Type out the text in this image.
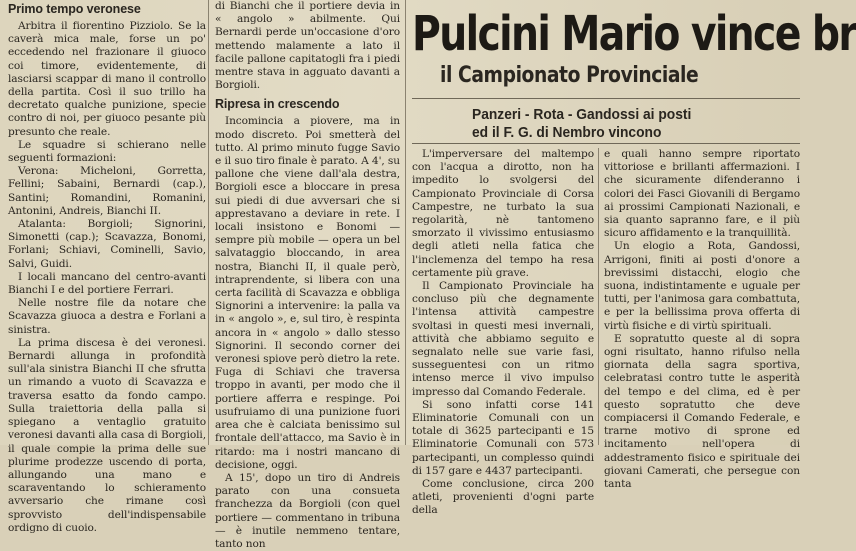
Primo tempo veronese

Arbitra il fiorentino Pizziolo. Se la caverà mica male, forse un po' eccedendo nel frazionare il giuoco coi timore, evidentemente, di lasciarsi scappar di mano il controllo della partita. Così il suo trillo ha decretato qualche punizione, specie contro di noi, per giuoco pesante più presunto che reale.

Le squadre si schierano nelle seguenti formazioni:

Verona: Micheloni, Gorretta, Fellini; Sabaini, Bernardi (cap.), Santini; Romandini, Romanini, Antonini, Andreis, Bianchi II.

Atalanta: Borgioli; Signorini, Simonetti (cap.); Scavazza, Bonomi, Forlani; Schiavi, Cominelli, Savio, Salvi, Guidi.

I locali mancano del centro-avanti Bianchi I e del portiere Ferrari.

Nelle nostre file da notare che Scavazza giuoca a destra e Forlani a sinistra.

La prima discesa è dei veronesi. Bernardi allunga in profondità sull'ala sinistra Bianchi II che sfrutta un rimando a vuoto di Scavazza e traversa esatto da fondo campo. Sulla traiettoria della palla si spiegano a ventaglio gratuito veronesi davanti alla casa di Borgioli, il quale compie la prima delle sue plurime prodezze uscendo di porta, allungando una mano e scaraventando lo schieramento avversario che rimane così sprovvisto dell'indispensabile ordigno di cuoio.

di Bianchi che il portiere devia in « angolo » abilmente. Qui Bernardi perde un'occasione d'oro mettendo malamente a lato il facile pallone capitatogli fra i piedi mentre stava in agguato davanti a Borgioli.

Ripresa in crescendo

Incomincia a piovere, ma in modo discreto. Poi smetterà del tutto. Al primo minuto fugge Savio e il suo tiro finale è parato. A 4', su pallone che viene dall'ala destra, Borgioli esce a bloccare in presa sui piedi di due avversari che si apprestavano a deviare in rete. I locali insistono e Bonomi — sempre più mobile — opera un bel salvataggio bloccando, in area nostra, Bianchi II, il quale però, intraprendente, si libera con una certa facilità di Scavazza e obbliga Signorini a intervenire: la palla va in « angolo », e, sul tiro, è respinta ancora in « angolo » dallo stesso Signorini. Il secondo corner dei veronesi spiove però dietro la rete. Fuga di Schiavi che traversa troppo in avanti, per modo che il portiere afferra e respinge. Poi usufruiamo di una punizione fuori area che è calciata benissimo sul frontale dell'attacco, ma Savio è in ritardo: ma i nostri mancano di decisione, oggi.

A 15', dopo un tiro di Andreis parato con una consueta franchezza da Borgioli (con quel portiere — commentano in tribuna — è inutile nemmeno tentare, tanto non

Pulcini Mario vince br
il Campionato Provinciale
Panzeri - Rota - Gandossi ai posti
ed il F. G. di Nembro vincono

L'imperversare del maltempo con l'acqua a dirotto, non ha impedito lo svolgersi del Campionato Provinciale di Corsa Campestre, ne turbato la sua regolarità, nè tantomeno smorzato il vivissimo entusiasmo degli atleti nella fatica che l'inclemenza del tempo ha resa certamente più grave.

Il Campionato Provinciale ha concluso più che degnamente l'intensa attività campestre svoltasi in questi mesi invernali, attività che abbiamo seguito e segnalato nelle sue varie fasi, susseguentesi con un ritmo intenso merce il vivo impulso impresso dal Comando Federale.

Si sono infatti corse 141 Eliminatorie Comunali con un totale di 3625 partecipanti e 15 Eliminatorie Comunali con 573 partecipanti, un complesso quindi di 157 gare e 4437 partecipanti.

Come conclusione, circa 200 atleti, provenienti d'ogni parte della

e quali hanno sempre riportato vittoriose e brillanti affermazioni. I che sicuramente difenderanno i colori dei Fasci Giovanili di Bergamo ai prossimi Campionati Nazionali, e sia quanto sapranno fare, e il più sicuro affidamento e la tranquillità.

Un elogio a Rota, Gandossi, Arrigoni, finiti ai posti d'onore a brevissimi distacchi, elogio che suona, indistintamente e uguale per tutti, per l'animosa gara combattuta, e per la bellissima prova offerta di virtù fisiche e di virtù spirituali.

E sopratutto queste al di sopra ogni risultato, hanno rifulso nella giornata della sagra sportiva, celebratasi contro tutte le asperità del tempo e del clima, ed è per questo sopratutto che deve compiacersi il Comando Federale, e trarne motivo di sprone ed incitamento nell'opera di addestramento fisico e spirituale dei giovani Camerati, che persegue con tanta
